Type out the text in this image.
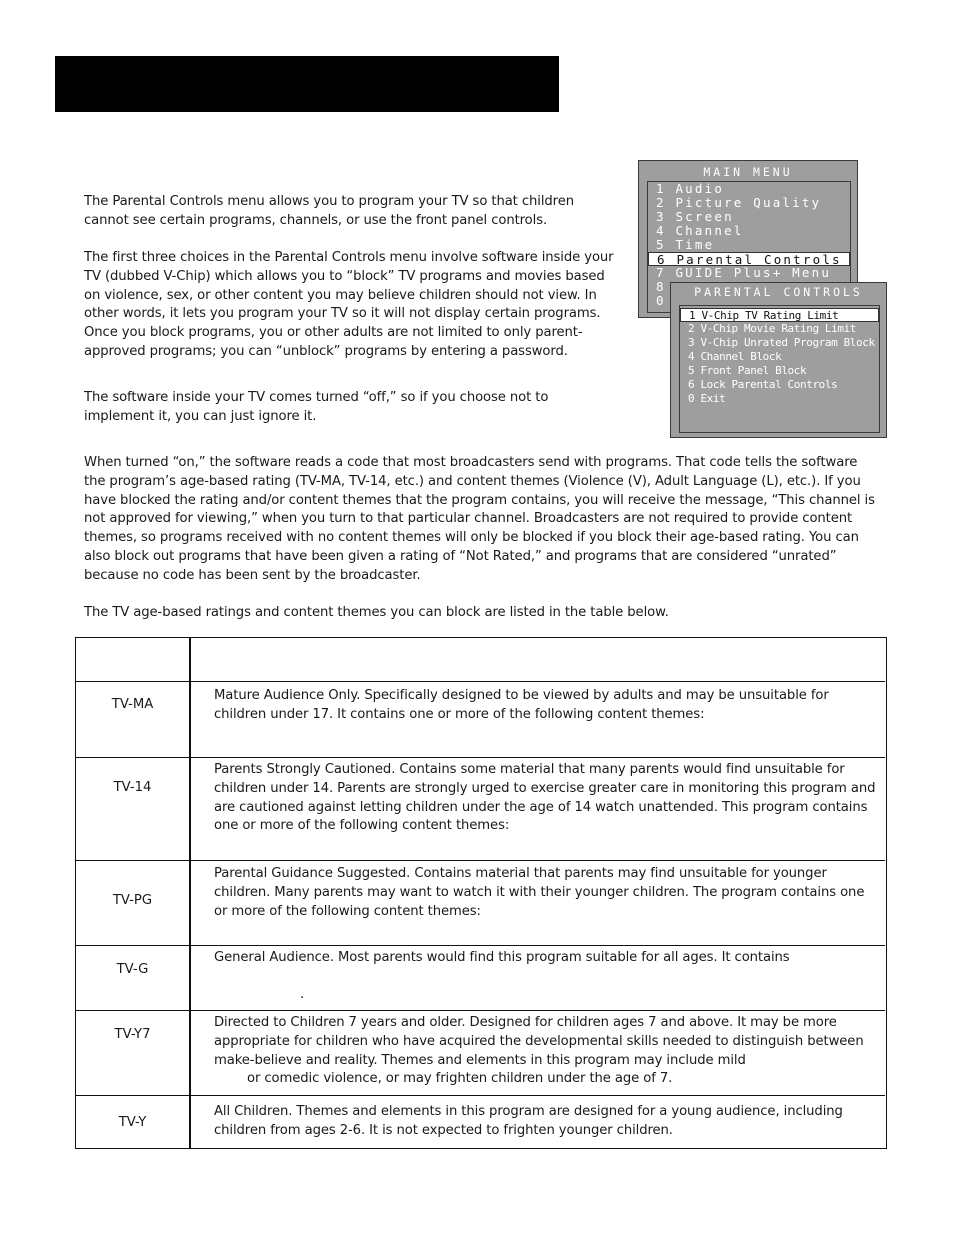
The Parental Controls menu allows you to program your TV so that children cannot see certain programs, channels, or use the front panel controls.

The first three choices in the Parental Controls menu involve software inside your TV (dubbed V-Chip) which allows you to “block” TV programs and movies based on violence, sex, or other content you may believe children should not view. In other words, it lets you program your TV so it will not display certain programs. Once you block programs, you or other adults are not limited to only parent-approved programs; you can “unblock” programs by entering a password.

The software inside your TV comes turned “off,” so if you choose not to implement it, you can just ignore it.

When turned “on,” the software reads a code that most broadcasters send with programs. That code tells the software the program’s age-based rating (TV-MA, TV-14, etc.) and content themes (Violence (V), Adult Language (L), etc.). If you have blocked the rating and/or content themes that the program contains, you will receive the message, “This channel is not approved for viewing,” when you turn to that particular channel. Broadcasters are not required to provide content themes, so programs received with no content themes will only be blocked if you block their age-based rating. You can also block out programs that have been given a rating of “Not Rated,” and programs that are considered “unrated” because no code has been sent by the broadcaster.

The TV age-based ratings and content themes you can block are listed in the table below.

MAIN MENU
1 Audio
2 Picture Quality
3 Screen
4 Channel
5 Time
6 Parental Controls
7 GUIDE Plus+ Menu
8
0
PARENTAL CONTROLS
1 V-Chip TV Rating Limit
2 V-Chip Movie Rating Limit
3 V-Chip Unrated Program Block
4 Channel Block
5 Front Panel Block
6 Lock Parental Controls
0 Exit
TV-MA
Mature Audience Only. Specifically designed to be viewed by adults and may be unsuitable for children under 17. It contains one or more of the following content themes:
TV-14
Parents Strongly Cautioned. Contains some material that many parents would find unsuitable for children under 14. Parents are strongly urged to exercise greater care in monitoring this program and are cautioned against letting children under the age of 14 watch unattended. This program contains one or more of the following content themes:
TV-PG
Parental Guidance Suggested. Contains material that parents may find unsuitable for younger children. Many parents may want to watch it with their younger children. The program contains one or more of the following content themes:
TV-G
General Audience. Most parents would find this program suitable for all ages. It contains
.
TV-Y7
Directed to Children 7 years and older. Designed for children ages 7 and above. It may be more appropriate for children who have acquired the developmental skills needed to distinguish between make-believe and reality. Themes and elements in this program may include mild
or comedic violence, or may frighten children under the age of 7.
TV-Y
All Children. Themes and elements in this program are designed for a young audience, including children from ages 2-6. It is not expected to frighten younger children.
